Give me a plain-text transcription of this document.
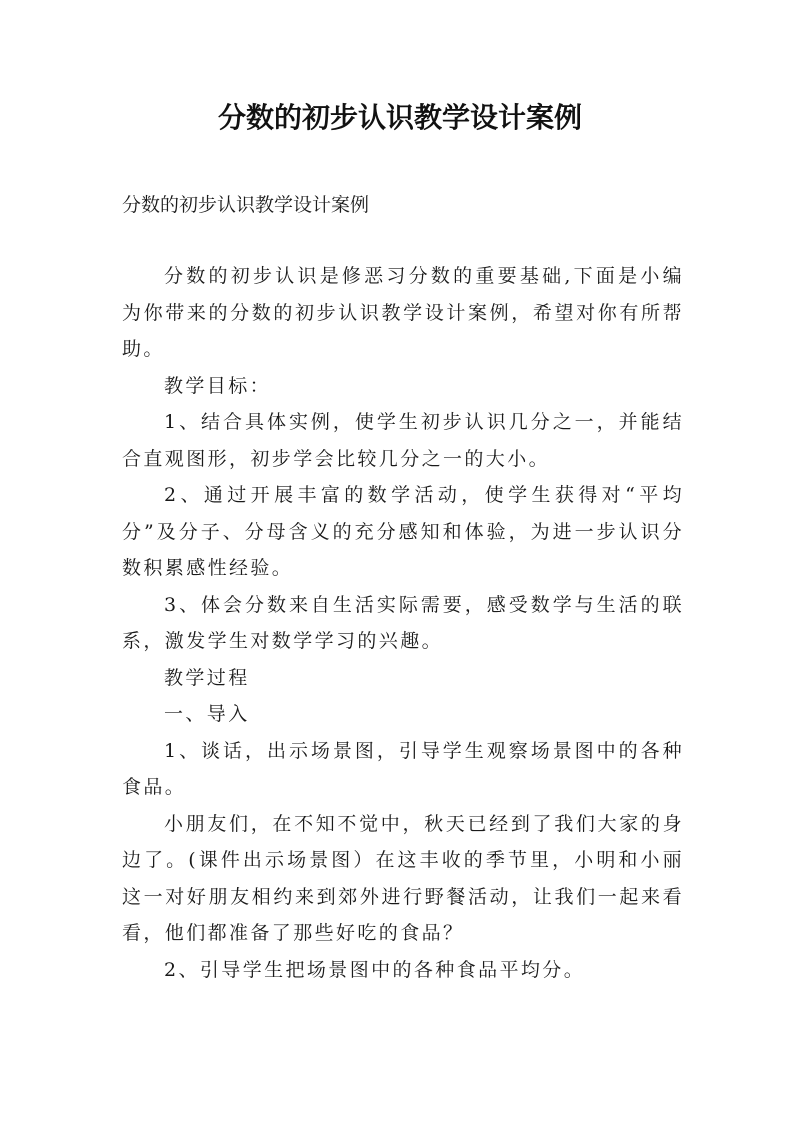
分数的初步认识教学设计案例

分数的初步认识教学设计案例

分数的初步认识是修恶习分数的重要基础,下面是小编为你带来的分数的初步认识教学设计案例，希望对你有所帮助。

教学目标：

1、结合具体实例，使学生初步认识几分之一，并能结合直观图形，初步学会比较几分之一的大小。

2、通过开展丰富的数学活动，使学生获得对“平均分”及分子、分母含义的充分感知和体验，为进一步认识分数积累感性经验。

3、体会分数来自生活实际需要，感受数学与生活的联系，激发学生对数学学习的兴趣。

教学过程

一、导入

1、谈话，出示场景图，引导学生观察场景图中的各种食品。

小朋友们，在不知不觉中，秋天已经到了我们大家的身边了。(课件出示场景图）在这丰收的季节里，小明和小丽这一对好朋友相约来到郊外进行野餐活动，让我们一起来看看，他们都准备了那些好吃的食品？

2、引导学生把场景图中的各种食品平均分。
